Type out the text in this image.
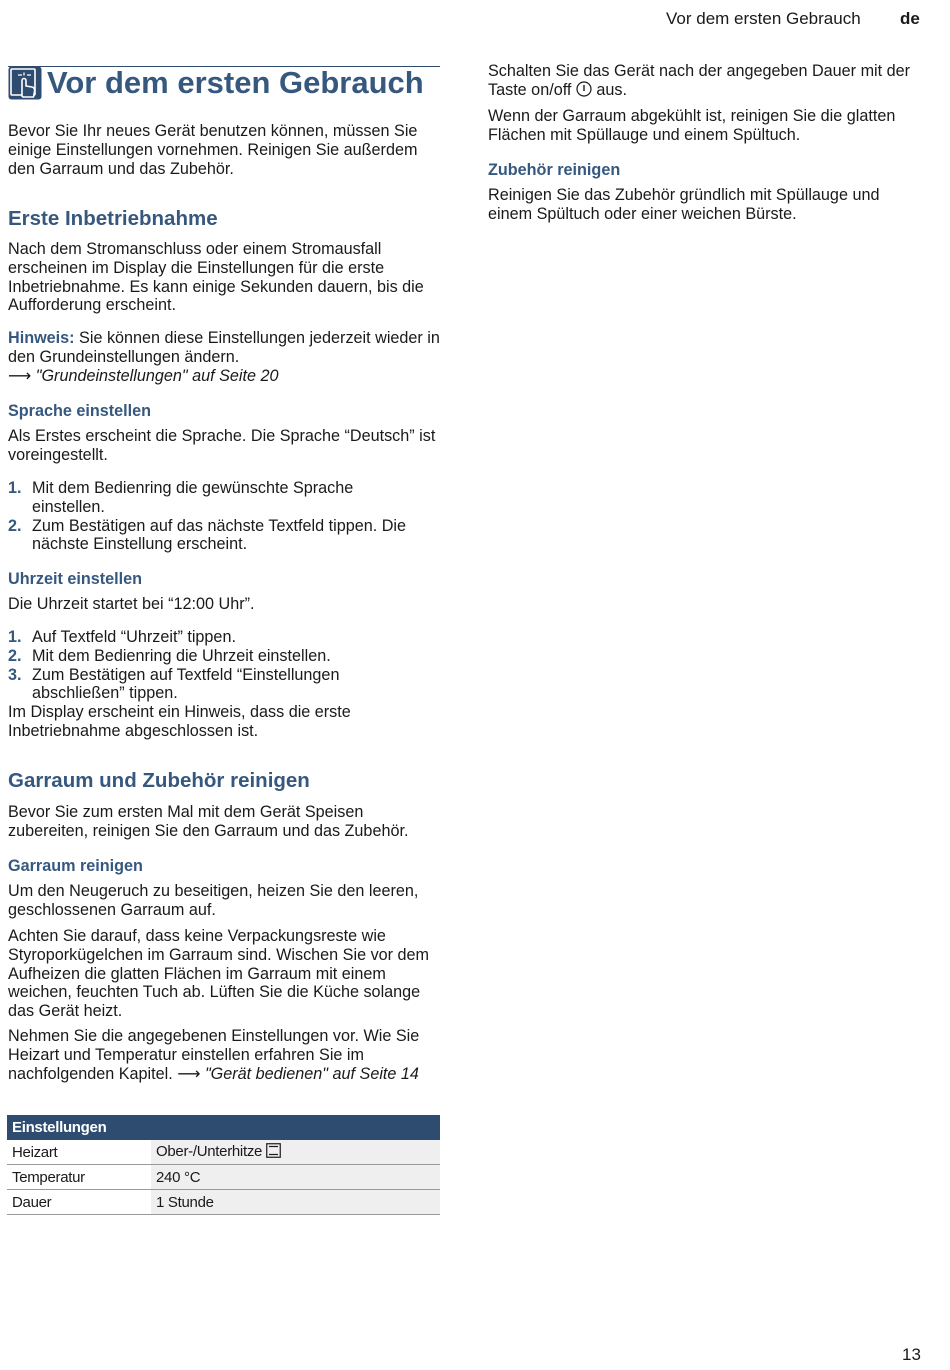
Vor dem ersten Gebrauch de
Vor dem ersten Gebrauch

Bevor Sie Ihr neues Gerät benutzen können, müssen Sie einige Einstellungen vornehmen. Reinigen Sie außerdem den Garraum und das Zubehör.

Erste Inbetriebnahme

Nach dem Stromanschluss oder einem Stromausfall erscheinen im Display die Einstellungen für die erste Inbetriebnahme. Es kann einige Sekunden dauern, bis die Aufforderung erscheint.

Hinweis: Sie können diese Einstellungen jederzeit wieder in den Grundeinstellungen ändern.
⟶ "Grundeinstellungen" auf Seite 20

Sprache einstellen

Als Erstes erscheint die Sprache. Die Sprache “Deutsch” ist voreingestellt.

1. Mit dem Bedienring die gewünschte Sprache einstellen.
2. Zum Bestätigen auf das nächste Textfeld tippen. Die nächste Einstellung erscheint.
Uhrzeit einstellen

Die Uhrzeit startet bei “12:00 Uhr”.

1. Auf Textfeld “Uhrzeit” tippen.
2. Mit dem Bedienring die Uhrzeit einstellen.
3. Zum Bestätigen auf Textfeld “Einstellungen abschließen” tippen.

Im Display erscheint ein Hinweis, dass die erste Inbetriebnahme abgeschlossen ist.

Garraum und Zubehör reinigen

Bevor Sie zum ersten Mal mit dem Gerät Speisen zubereiten, reinigen Sie den Garraum und das Zubehör.

Garraum reinigen

Um den Neugeruch zu beseitigen, heizen Sie den leeren, geschlossenen Garraum auf.

Achten Sie darauf, dass keine Verpackungsreste wie Styroporkügelchen im Garraum sind. Wischen Sie vor dem Aufheizen die glatten Flächen im Garraum mit einem weichen, feuchten Tuch ab. Lüften Sie die Küche solange das Gerät heizt.

Nehmen Sie die angegebenen Einstellungen vor. Wie Sie Heizart und Temperatur einstellen erfahren Sie im nachfolgenden Kapitel. ⟶ "Gerät bedienen" auf Seite 14

Einstellungen	
Heizart	Ober-/Unterhitze
Temperatur	240 °C
Dauer	1 Stunde

Schalten Sie das Gerät nach der angegeben Dauer mit der Taste on/off  aus.

Wenn der Garraum abgekühlt ist, reinigen Sie die glatten Flächen mit Spüllauge und einem Spültuch.

Zubehör reinigen

Reinigen Sie das Zubehör gründlich mit Spüllauge und einem Spültuch oder einer weichen Bürste.

13
